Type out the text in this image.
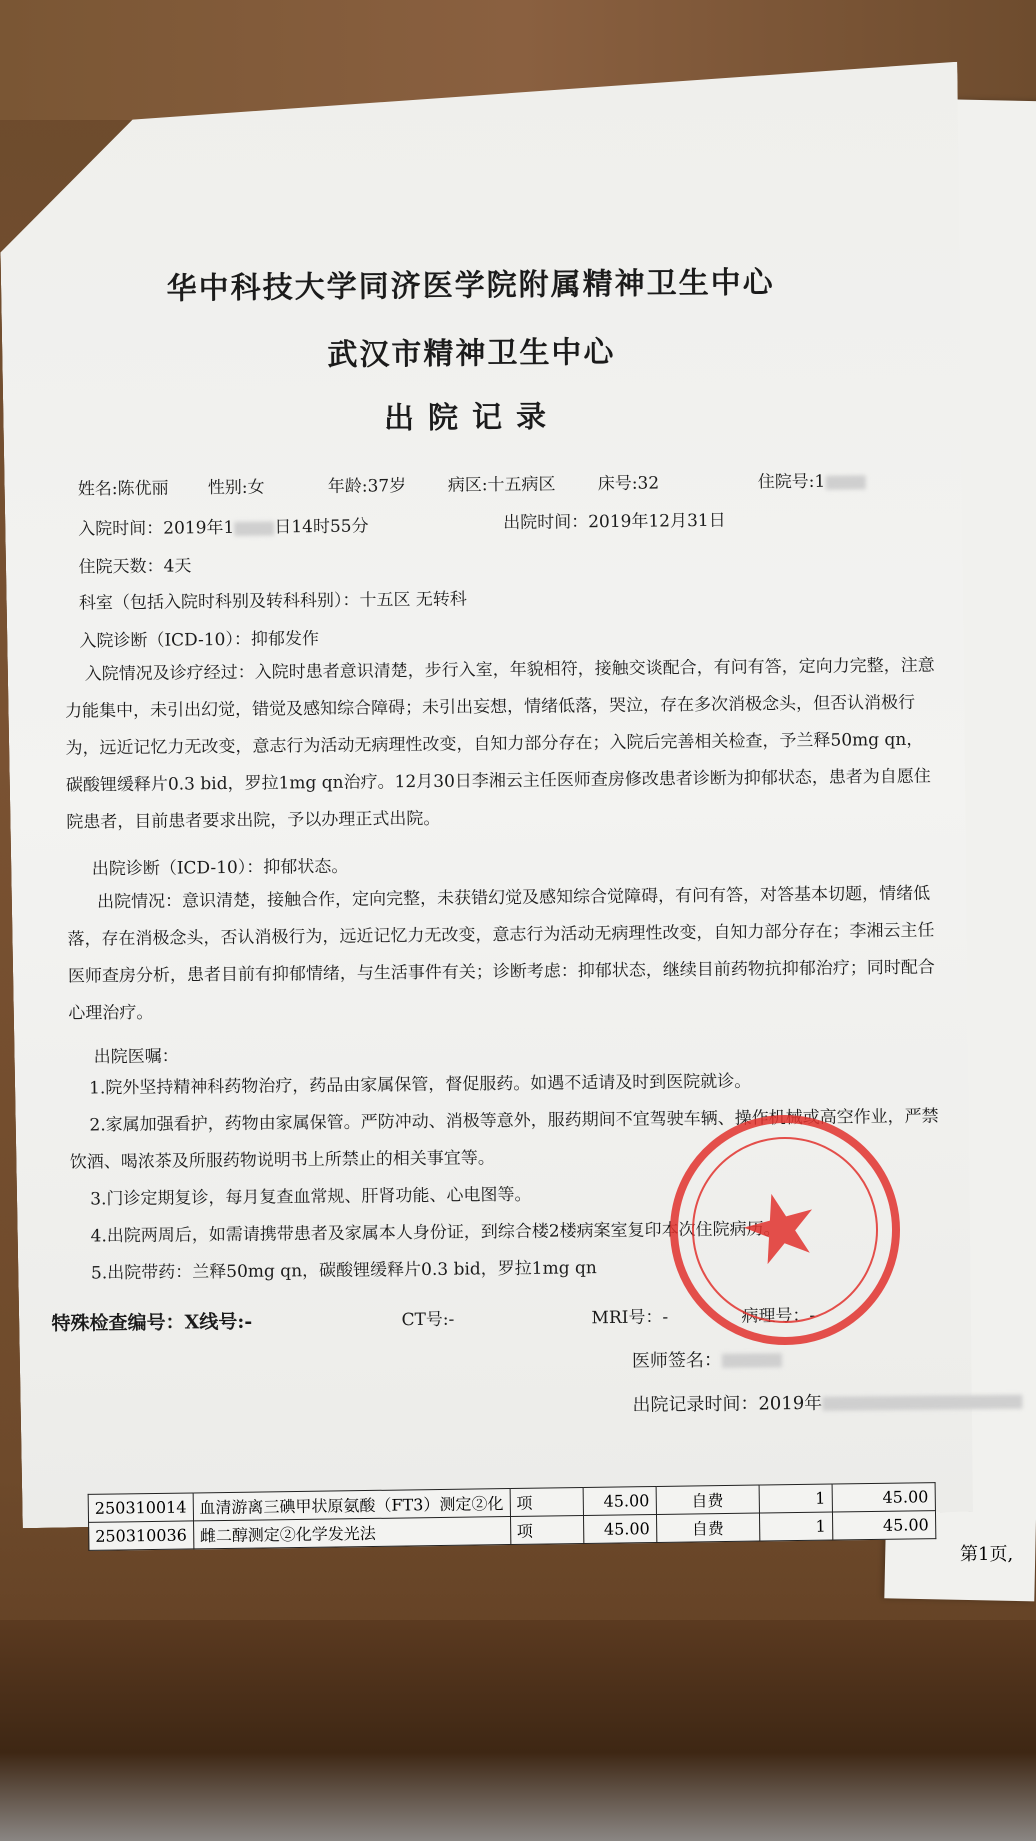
华中科技大学同济医学院附属精神卫生中心
武汉市精神卫生中心
出院记录
姓名:陈优丽 性别:女	年龄:37岁 病区:十五病区 床号:32	住院号:1
入院时间：2019年1 日14时55分	出院时间：2019年12月31日
住院天数：4天
科室（包括入院时科别及转科科别）：十五区 无转科
入院诊断（ICD-10）：抑郁发作
入院情况及诊疗经过：入院时患者意识清楚，步行入室，年貌相符，接触交谈配合，有问有答，定向力完整，注意力能集中，未引出幻觉，错觉及感知综合障碍；未引出妄想，情绪低落，哭泣，存在多次消极念头，但否认消极行为，远近记忆力无改变，意志行为活动无病理性改变，自知力部分存在；入院后完善相关检查，予兰释50mg qn，碳酸锂缓释片0.3 bid，罗拉1mg qn治疗。12月30日李湘云主任医师查房修改患者诊断为抑郁状态，患者为自愿住院患者，目前患者要求出院，予以办理正式出院。
出院诊断（ICD-10）：抑郁状态。
出院情况：意识清楚，接触合作，定向完整，未获错幻觉及感知综合觉障碍，有问有答，对答基本切题，情绪低落，存在消极念头，否认消极行为，远近记忆力无改变，意志行为活动无病理性改变，自知力部分存在；李湘云主任医师查房分析，患者目前有抑郁情绪，与生活事件有关；诊断考虑：抑郁状态，继续目前药物抗抑郁治疗；同时配合心理治疗。
出院医嘱：

1.院外坚持精神科药物治疗，药品由家属保管，督促服药。如遇不适请及时到医院就诊。

2.家属加强看护，药物由家属保管。严防冲动、消极等意外，服药期间不宜驾驶车辆、操作机械或高空作业，严禁饮酒、喝浓茶及所服药物说明书上所禁止的相关事宜等。

3.门诊定期复诊，每月复查血常规、肝肾功能、心电图等。

4.出院两周后，如需请携带患者及家属本人身份证，到综合楼2楼病案室复印本次住院病历。

5.出院带药：兰释50mg qn，碳酸锂缓释片0.3 bid，罗拉1mg qn

特殊检查编号：X线号:-	CT号:-	MRI号：-	病理号：-
医师签名：
出院记录时间：2019年
★
250310014	血清游离三碘甲状原氨酸（FT3）测定②化	项	45.00	自费	1	45.00
250310036	雌二醇测定②化学发光法	项	45.00	自费	1	45.00
第1页,
